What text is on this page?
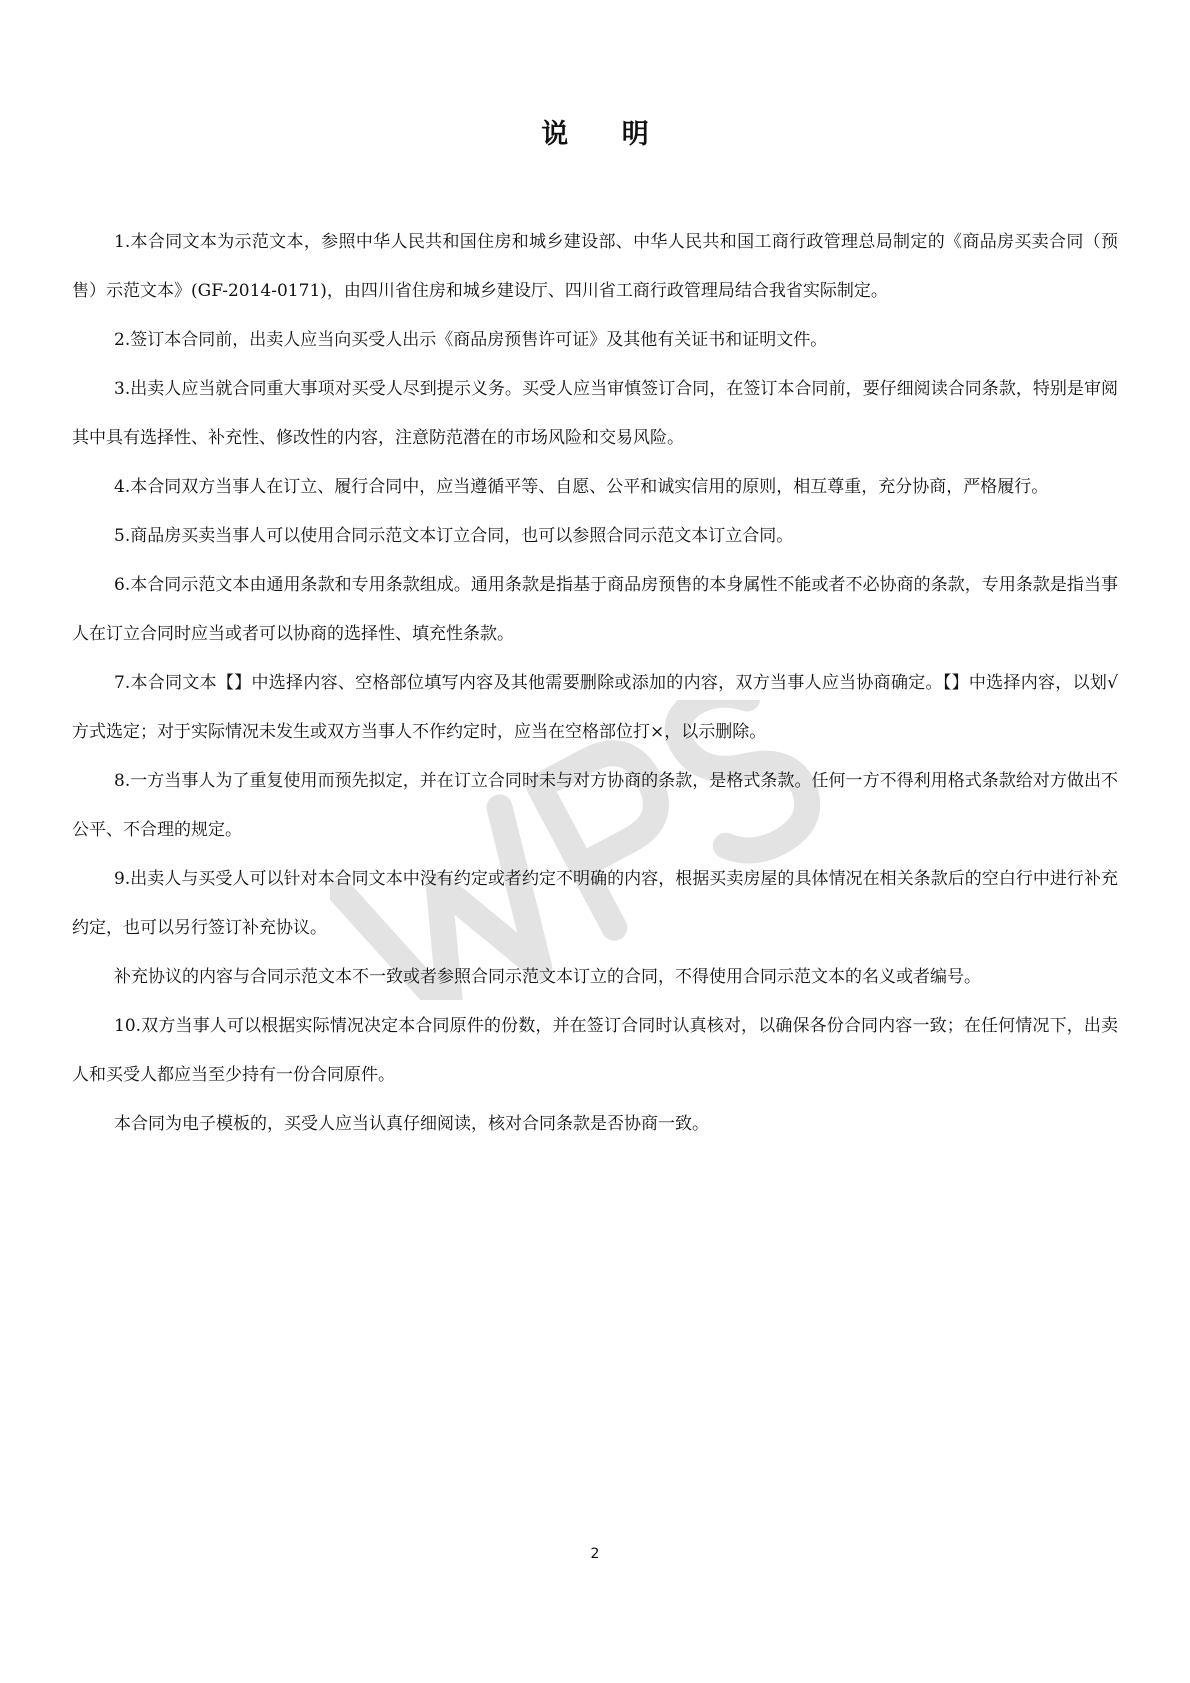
说 明

1.本合同文本为示范文本，参照中华人民共和国住房和城乡建设部、中华人民共和国工商行政管理总局制定的《商品房买卖合同（预售）示范文本》(GF-2014-0171)，由四川省住房和城乡建设厅、四川省工商行政管理局结合我省实际制定。

2.签订本合同前，出卖人应当向买受人出示《商品房预售许可证》及其他有关证书和证明文件。

3.出卖人应当就合同重大事项对买受人尽到提示义务。买受人应当审慎签订合同，在签订本合同前，要仔细阅读合同条款，特别是审阅其中具有选择性、补充性、修改性的内容，注意防范潜在的市场风险和交易风险。

4.本合同双方当事人在订立、履行合同中，应当遵循平等、自愿、公平和诚实信用的原则，相互尊重，充分协商，严格履行。

5.商品房买卖当事人可以使用合同示范文本订立合同，也可以参照合同示范文本订立合同。

6.本合同示范文本由通用条款和专用条款组成。通用条款是指基于商品房预售的本身属性不能或者不必协商的条款，专用条款是指当事人在订立合同时应当或者可以协商的选择性、填充性条款。

7.本合同文本【】中选择内容、空格部位填写内容及其他需要删除或添加的内容，双方当事人应当协商确定。【】中选择内容，以划√方式选定；对于实际情况未发生或双方当事人不作约定时，应当在空格部位打×，以示删除。

8.一方当事人为了重复使用而预先拟定，并在订立合同时未与对方协商的条款，是格式条款。任何一方不得利用格式条款给对方做出不公平、不合理的规定。

9.出卖人与买受人可以针对本合同文本中没有约定或者约定不明确的内容，根据买卖房屋的具体情况在相关条款后的空白行中进行补充约定，也可以另行签订补充协议。

补充协议的内容与合同示范文本不一致或者参照合同示范文本订立的合同，不得使用合同示范文本的名义或者编号。

10.双方当事人可以根据实际情况决定本合同原件的份数，并在签订合同时认真核对，以确保各份合同内容一致；在任何情况下，出卖人和买受人都应当至少持有一份合同原件。

本合同为电子模板的，买受人应当认真仔细阅读，核对合同条款是否协商一致。

2
